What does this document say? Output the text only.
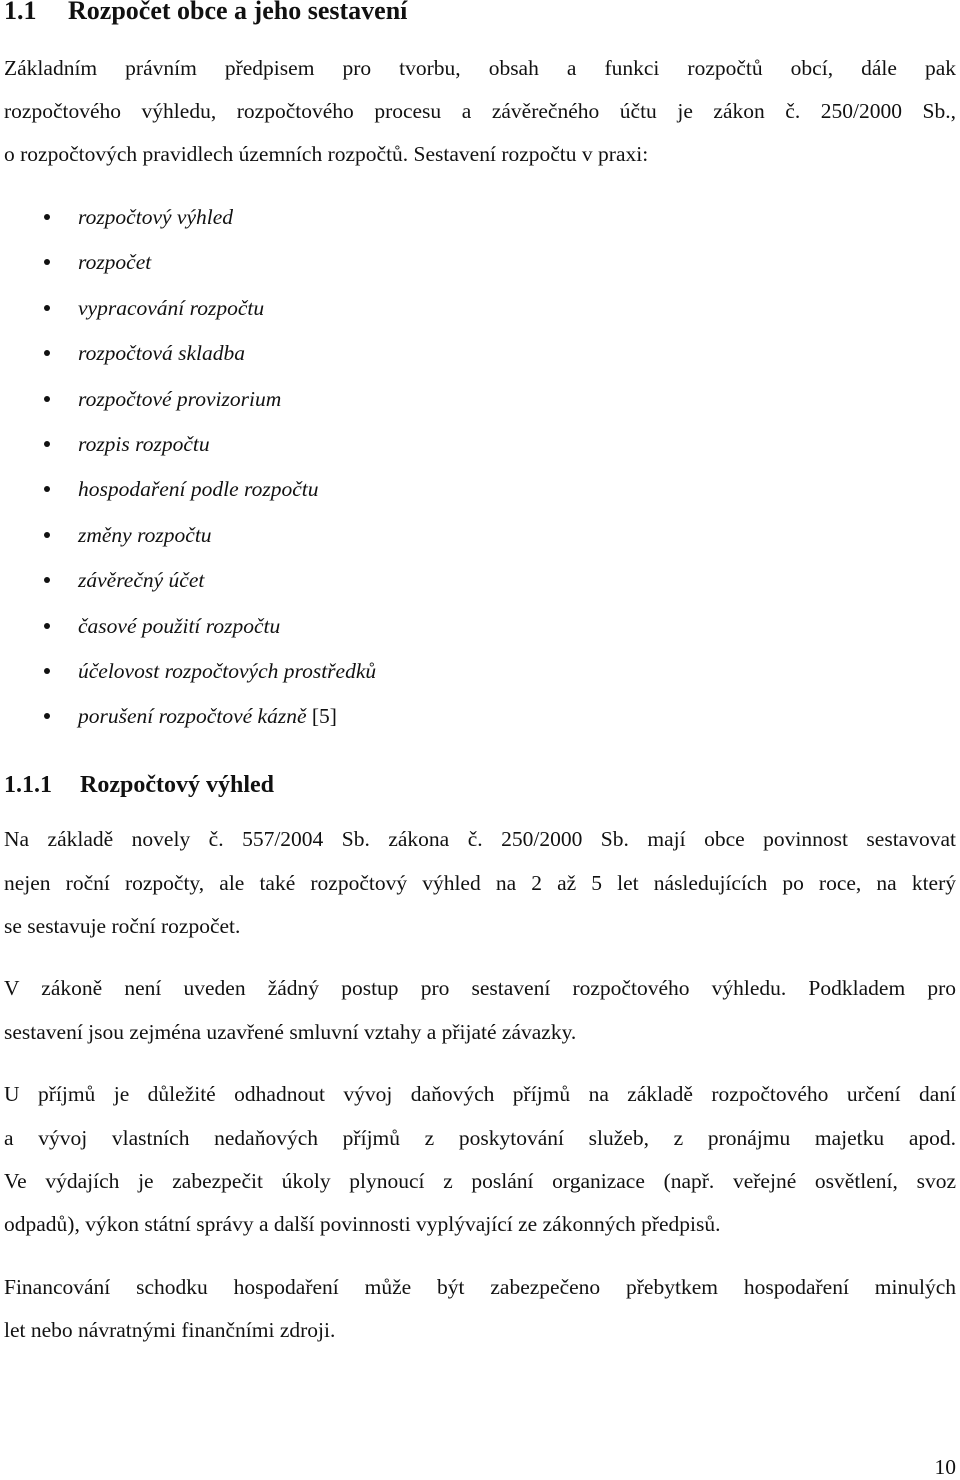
1.1 Rozpočet obce a jeho sestavení
Základním právním předpisem pro tvorbu, obsah a funkci rozpočtů obcí, dále pak
rozpočtového výhledu, rozpočtového procesu a závěrečného účtu je zákon č. 250/2000 Sb.,
o rozpočtových pravidlech územních rozpočtů. Sestavení rozpočtu v praxi:
rozpočtový výhled
rozpočet
vypracování rozpočtu
rozpočtová skladba
rozpočtové provizorium
rozpis rozpočtu
hospodaření podle rozpočtu
změny rozpočtu
závěrečný účet
časové použití rozpočtu
účelovost rozpočtových prostředků
porušení rozpočtové kázně [5]
1.1.1 Rozpočtový výhled
Na základě novely č. 557/2004 Sb. zákona č. 250/2000 Sb. mají obce povinnost sestavovat
nejen roční rozpočty, ale také rozpočtový výhled na 2 až 5 let následujících po roce, na který
se sestavuje roční rozpočet.
V zákoně není uveden žádný postup pro sestavení rozpočtového výhledu. Podkladem pro
sestavení jsou zejména uzavřené smluvní vztahy a přijaté závazky.
U příjmů je důležité odhadnout vývoj daňových příjmů na základě rozpočtového určení daní
a vývoj vlastních nedaňových příjmů z poskytování služeb, z pronájmu majetku apod.
Ve výdajích je zabezpečit úkoly plynoucí z poslání organizace (např. veřejné osvětlení, svoz
odpadů), výkon státní správy a další povinnosti vyplývající ze zákonných předpisů.
Financování schodku hospodaření může být zabezpečeno přebytkem hospodaření minulých
let nebo návratnými finančními zdroji.
10
